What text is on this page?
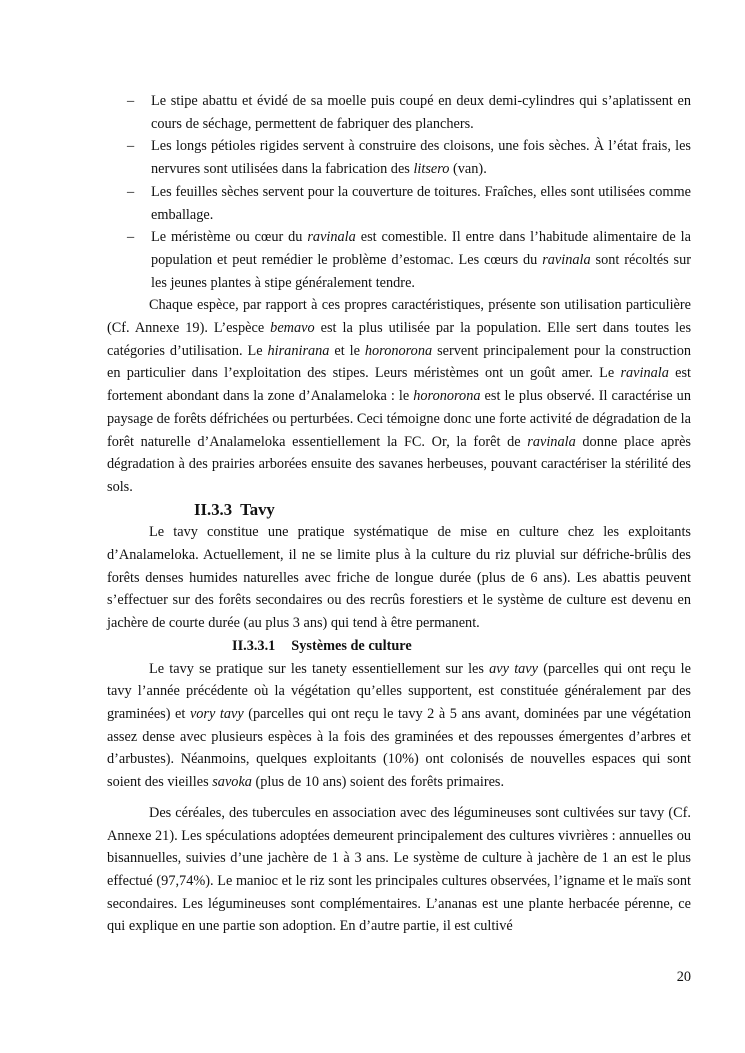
– Le stipe abattu et évidé de sa moelle puis coupé en deux demi-cylindres qui s’aplatissent en cours de séchage, permettent de fabriquer des planchers.
– Les longs pétioles rigides servent à construire des cloisons, une fois sèches. À l’état frais, les nervures sont utilisées dans la fabrication des litsero (van).
– Les feuilles sèches servent pour la couverture de toitures. Fraîches, elles sont utilisées comme emballage.
– Le méristème ou cœur du ravinala est comestible. Il entre dans l’habitude alimentaire de la population et peut remédier le problème d’estomac. Les cœurs du ravinala sont récoltés sur les jeunes plantes à stipe généralement tendre.

Chaque espèce, par rapport à ces propres caractéristiques, présente son utilisation particulière (Cf. Annexe 19). L’espèce bemavo est la plus utilisée par la population. Elle sert dans toutes les catégories d’utilisation. Le hiranirana et le horonorona servent principalement pour la construction en particulier dans l’exploitation des stipes. Leurs méristèmes ont un goût amer. Le ravinala est fortement abondant dans la zone d’Analameloka : le horonorona est le plus observé. Il caractérise un paysage de forêts défrichées ou perturbées. Ceci témoigne donc une forte activité de dégradation de la forêt naturelle d’Analameloka essentiellement la FC. Or, la forêt de ravinala donne place après dégradation à des prairies arborées ensuite des savanes herbeuses, pouvant caractériser la stérilité des sols.

II.3.3 Tavy

Le tavy constitue une pratique systématique de mise en culture chez les exploitants d’Analameloka. Actuellement, il ne se limite plus à la culture du riz pluvial sur défriche-brûlis des forêts denses humides naturelles avec friche de longue durée (plus de 6 ans). Les abattis peuvent s’effectuer sur des forêts secondaires ou des recrûs forestiers et le système de culture est devenu en jachère de courte durée (au plus 3 ans) qui tend à être permanent.

II.3.3.1 Systèmes de culture

Le tavy se pratique sur les tanety essentiellement sur les avy tavy (parcelles qui ont reçu le tavy l’année précédente où la végétation qu’elles supportent, est constituée généralement par des graminées) et vory tavy (parcelles qui ont reçu le tavy 2 à 5 ans avant, dominées par une végétation assez dense avec plusieurs espèces à la fois des graminées et des repousses émergentes d’arbres et d’arbustes). Néanmoins, quelques exploitants (10%) ont colonisés de nouvelles espaces qui sont soient des vieilles savoka (plus de 10 ans) soient des forêts primaires.

Des céréales, des tubercules en association avec des légumineuses sont cultivées sur tavy (Cf. Annexe 21). Les spéculations adoptées demeurent principalement des cultures vivrières : annuelles ou bisannuelles, suivies d’une jachère de 1 à 3 ans. Le système de culture à jachère de 1 an est le plus effectué (97,74%). Le manioc et le riz sont les principales cultures observées, l’igname et le maïs sont secondaires. Les légumineuses sont complémentaires. L’ananas est une plante herbacée pérenne, ce qui explique en une partie son adoption. En d’autre partie, il est cultivé

20
